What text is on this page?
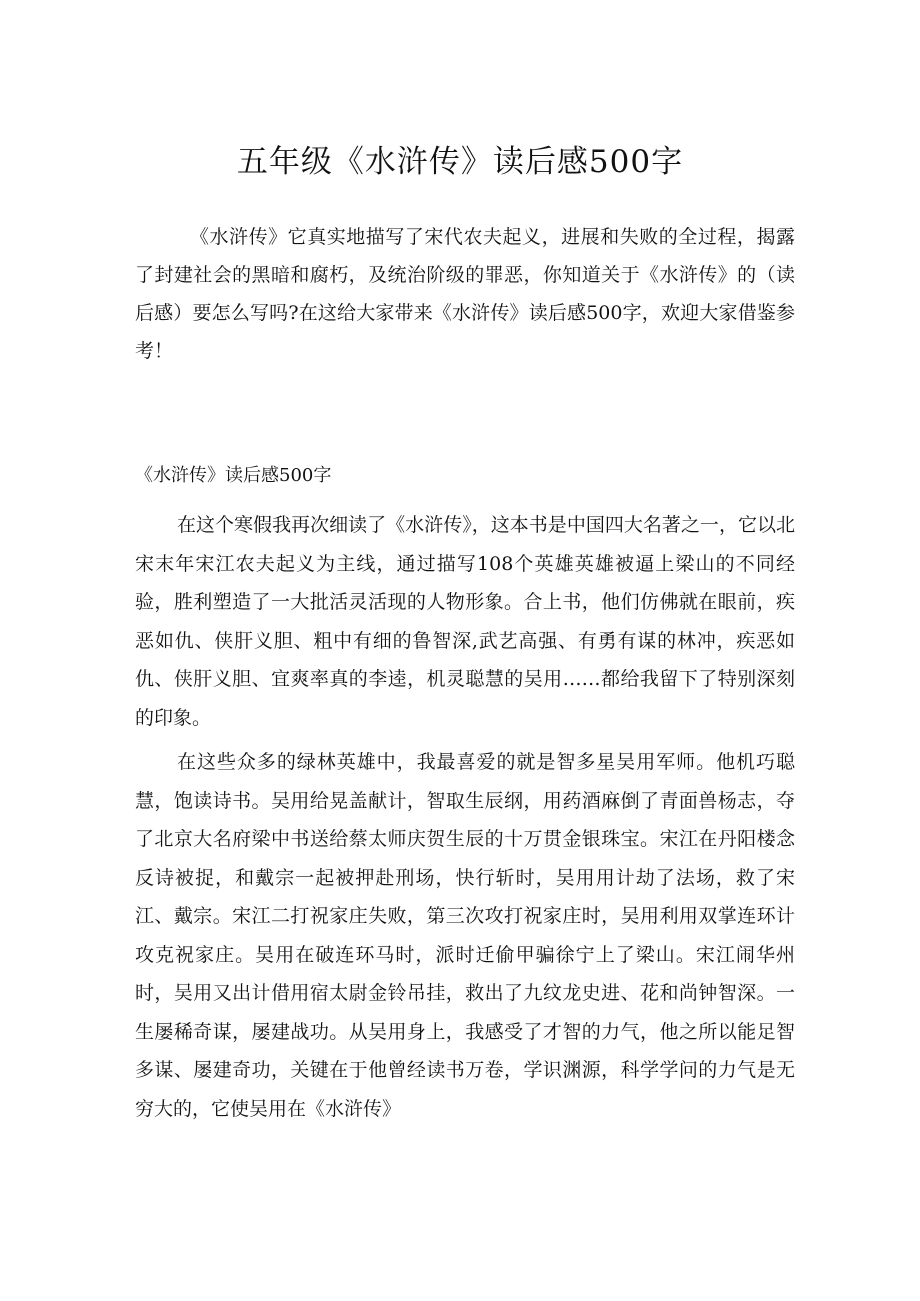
五年级《水浒传》读后感500字

《水浒传》它真实地描写了宋代农夫起义，进展和失败的全过程，揭露了封建社会的黑暗和腐朽，及统治阶级的罪恶，你知道关于《水浒传》的（读后感）要怎么写吗?在这给大家带来《水浒传》读后感500字，欢迎大家借鉴参考！

《水浒传》读后感500字

在这个寒假我再次细读了《水浒传》，这本书是中国四大名著之一，它以北宋末年宋江农夫起义为主线，通过描写108个英雄英雄被逼上梁山的不同经验，胜利塑造了一大批活灵活现的人物形象。合上书，他们仿佛就在眼前，疾恶如仇、侠肝义胆、粗中有细的鲁智深,武艺高强、有勇有谋的林冲，疾恶如仇、侠肝义胆、宜爽率真的李逵，机灵聪慧的吴用……都给我留下了特别深刻的印象。

在这些众多的绿林英雄中，我最喜爱的就是智多星吴用军师。他机巧聪慧，饱读诗书。吴用给晃盖献计，智取生辰纲，用药酒麻倒了青面兽杨志，夺了北京大名府梁中书送给蔡太师庆贺生辰的十万贯金银珠宝。宋江在丹阳楼念反诗被捉，和戴宗一起被押赴刑场，快行斩时，吴用用计劫了法场，救了宋江、戴宗。宋江二打祝家庄失败，第三次攻打祝家庄时，吴用利用双掌连环计攻克祝家庄。吴用在破连环马时，派时迁偷甲骗徐宁上了梁山。宋江闹华州时，吴用又出计借用宿太尉金铃吊挂，救出了九纹龙史进、花和尚钟智深。一生屡稀奇谋，屡建战功。从吴用身上，我感受了才智的力气，他之所以能足智多谋、屡建奇功，关键在于他曾经读书万卷，学识渊源，科学学问的力气是无穷大的，它使吴用在《水浒传》
